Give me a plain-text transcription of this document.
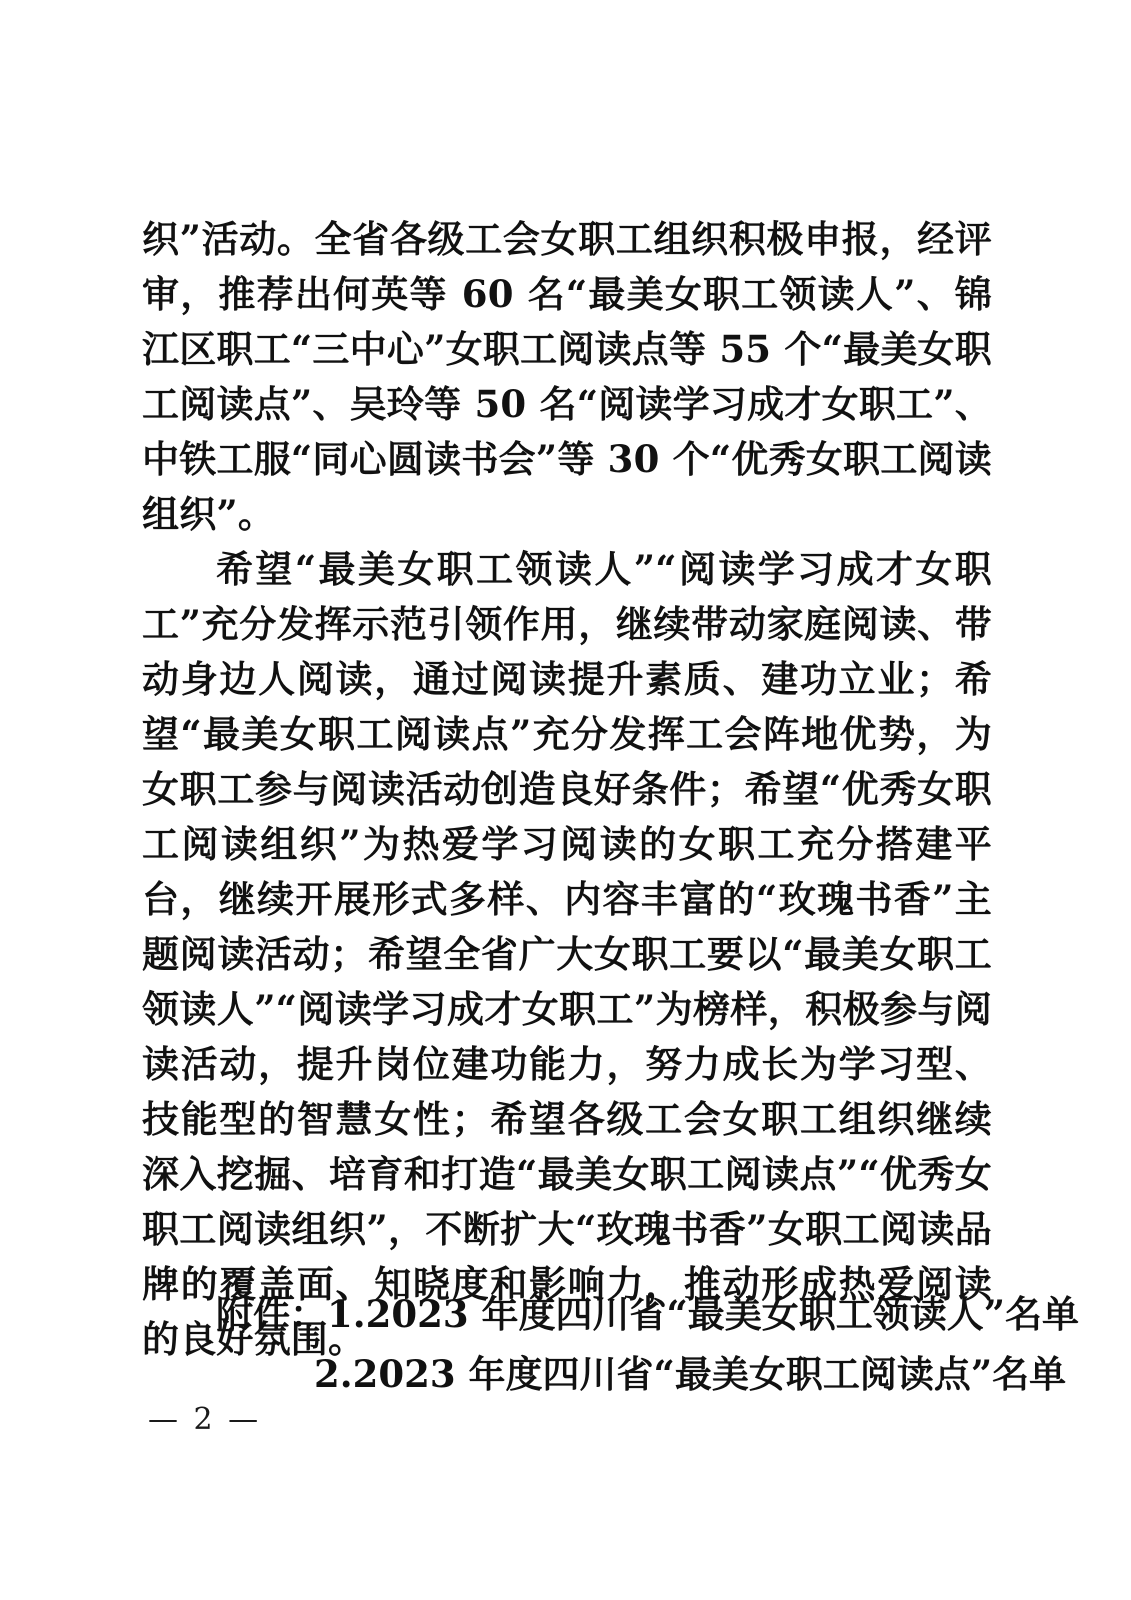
织”活动。全省各级工会女职工组织积极申报，经评审，推荐出何英等 60 名“最美女职工领读人”、锦江区职工“三中心”女职工阅读点等 55 个“最美女职工阅读点”、吴玲等 50 名“阅读学习成才女职工”、中铁工服“同心圆读书会”等 30 个“优秀女职工阅读组织”。

希望“最美女职工领读人”“阅读学习成才女职工”充分发挥示范引领作用，继续带动家庭阅读、带动身边人阅读，通过阅读提升素质、建功立业；希望“最美女职工阅读点”充分发挥工会阵地优势，为女职工参与阅读活动创造良好条件；希望“优秀女职工阅读组织”为热爱学习阅读的女职工充分搭建平台，继续开展形式多样、内容丰富的“玫瑰书香”主题阅读活动；希望全省广大女职工要以“最美女职工领读人”“阅读学习成才女职工”为榜样，积极参与阅读活动，提升岗位建功能力，努力成长为学习型、技能型的智慧女性；希望各级工会女职工组织继续深入挖掘、培育和打造“最美女职工阅读点”“优秀女职工阅读组织”，不断扩大“玫瑰书香”女职工阅读品牌的覆盖面、知晓度和影响力，推动形成热爱阅读的良好氛围。

附件：1.2023 年度四川省“最美女职工领读人”名单

2.2023 年度四川省“最美女职工阅读点”名单

— 2 —
